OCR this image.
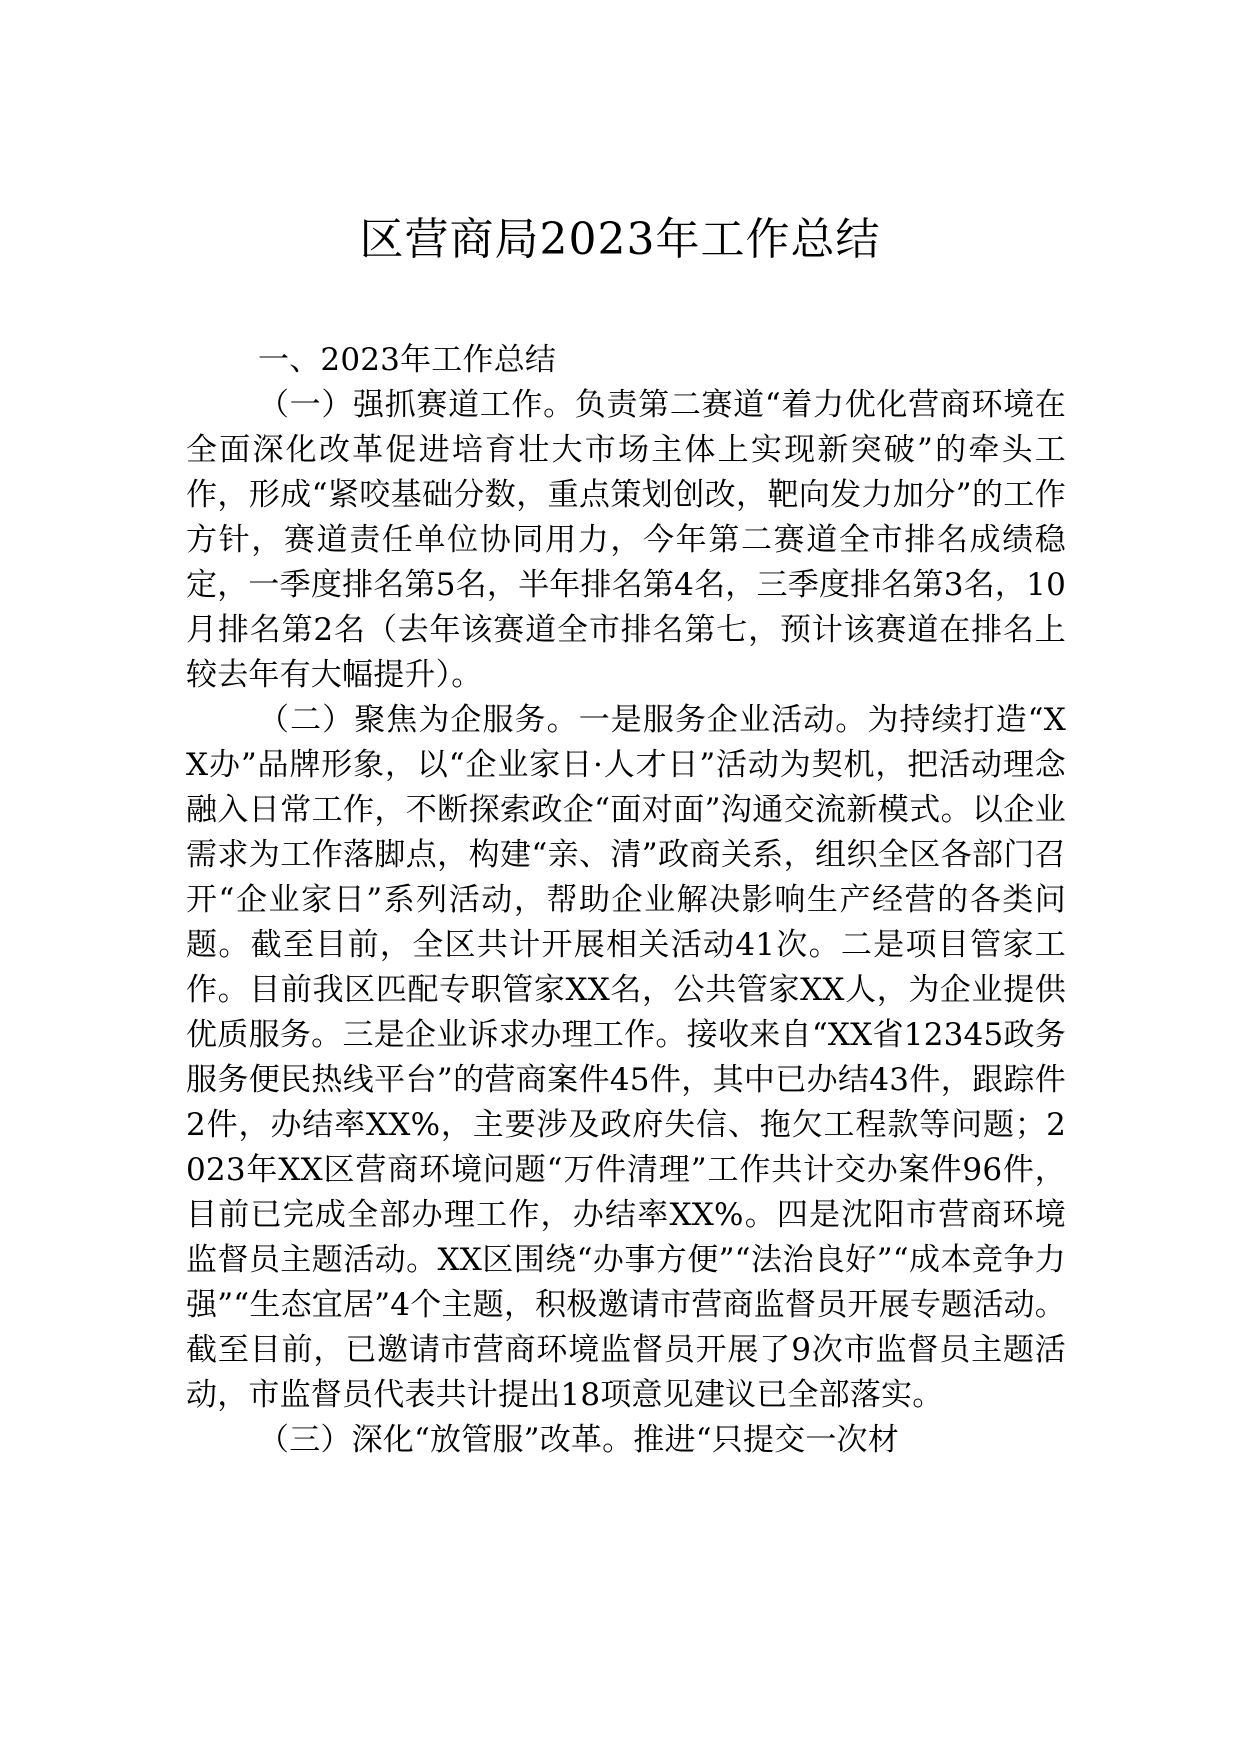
区营商局2023年工作总结

一、2023年工作总结

（一）强抓赛道工作。负责第二赛道“着力优化营商环境在全面深化改革促进培育壮大市场主体上实现新突破”的牵头工作，形成“紧咬基础分数，重点策划创改，靶向发力加分”的工作方针，赛道责任单位协同用力，今年第二赛道全市排名成绩稳定，一季度排名第5名，半年排名第4名，三季度排名第3名，10月排名第2名（去年该赛道全市排名第七，预计该赛道在排名上较去年有大幅提升）。

（二）聚焦为企服务。一是服务企业活动。为持续打造“XX办”品牌形象，以“企业家日·人才日”活动为契机，把活动理念融入日常工作，不断探索政企“面对面”沟通交流新模式。以企业需求为工作落脚点，构建“亲、清”政商关系，组织全区各部门召开“企业家日”系列活动，帮助企业解决影响生产经营的各类问题。截至目前，全区共计开展相关活动41次。二是项目管家工作。目前我区匹配专职管家XX名，公共管家XX人，为企业提供优质服务。三是企业诉求办理工作。接收来自“XX省12345政务服务便民热线平台”的营商案件45件，其中已办结43件，跟踪件2件，办结率XX%，主要涉及政府失信、拖欠工程款等问题；2023年XX区营商环境问题“万件清理”工作共计交办案件96件，目前已完成全部办理工作，办结率XX%。四是沈阳市营商环境监督员主题活动。XX区围绕“办事方便”“法治良好”“成本竞争力强”“生态宜居”4个主题，积极邀请市营商监督员开展专题活动。截至目前，已邀请市营商环境监督员开展了9次市监督员主题活动，市监督员代表共计提出18项意见建议已全部落实。

（三）深化“放管服”改革。推进“只提交一次材
